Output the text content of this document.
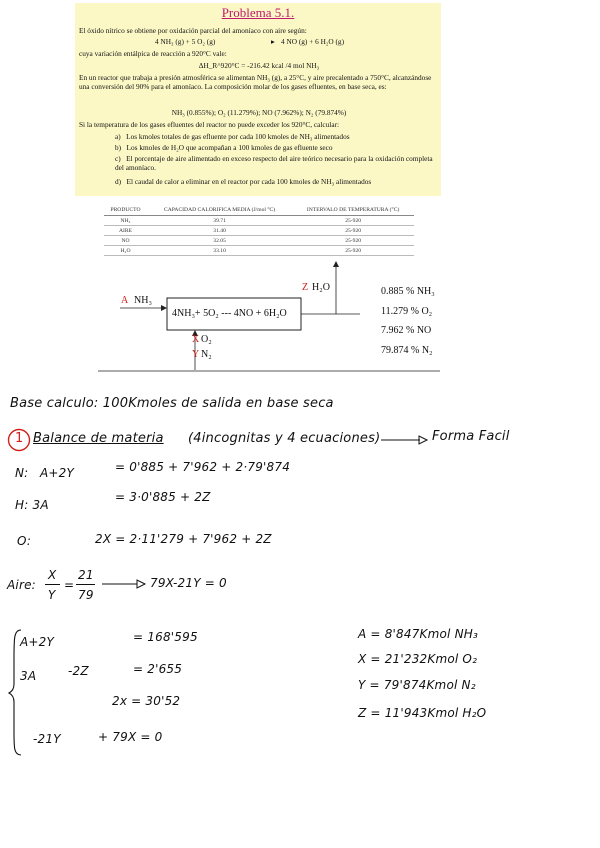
Problema 5.1.
El óxido nítrico se obtiene por oxidación parcial del amoníaco con aire según:
4 NH₃ (g) + 5 O₂ (g)	▸ 4 NO (g) + 6 H₂O (g)
cuya variación entálpica de reacción a 920°C vale:
ΔH_R^920°C = -216.42 kcal /4 mol NH₃
En un reactor que trabaja a presión atmosférica se alimentan NH₃ (g), a 25°C, y aire precalentado a 750°C, alcanzándose una conversión del 90% para el amoníaco. La composición molar de los gases efluentes, en base seca, es:
NH₃ (0.855%); O₂ (11.279%); NO (7.962%); N₂ (79.874%)
Si la temperatura de los gases efluentes del reactor no puede exceder los 920°C, calcular:
a)   Los kmoles totales de gas efluente por cada 100 kmoles de NH₃ alimentados
b)   Los kmoles de H₂O que acompañan a 100 kmoles de gas efluente seco
c)   El porcentaje de aire alimentado en exceso respecto del aire teórico necesario para la oxidación completa del amoníaco.
d)   El caudal de calor a eliminar en el reactor por cada 100 kmoles de NH₃ alimentados
PRODUCTO	CAPACIDAD CALORIFICA MEDIA (J/mol °C)	INTERVALO DE TEMPERATURA (°C)
NH₃	39.71	25-920
AIRE	31.40	25-920
NO	32.05	25-920
H₂O	33.10	25-920
A NH₃
4NH₃+ 5O₂ --- 4NO + 6H₂O
Z H₂O
X O₂
Y N₂
0.885 % NH₃
11.279 % O₂
7.962 % NO
79.874 % N₂
Base calculo: 100Kmoles de salida en base seca
1 Balance de materia (4incognitas y 4 ecuaciones)	Forma Facil
N: A+2Y	= 0'885 + 7'962 + 2·79'874
H: 3A
= 3·0'885 + 2Z
O:	2X = 2·11'279 + 7'962 + 2Z
Aire:
X
Y
=
21
79
79X-21Y = 0
A+2Y	= 168'595
3A	-2Z	= 2'655
2x = 30'52
-21Y	+ 79X = 0
A = 8'847Kmol NH₃
X = 21'232Kmol O₂
Y = 79'874Kmol N₂
Z = 11'943Kmol H₂O
